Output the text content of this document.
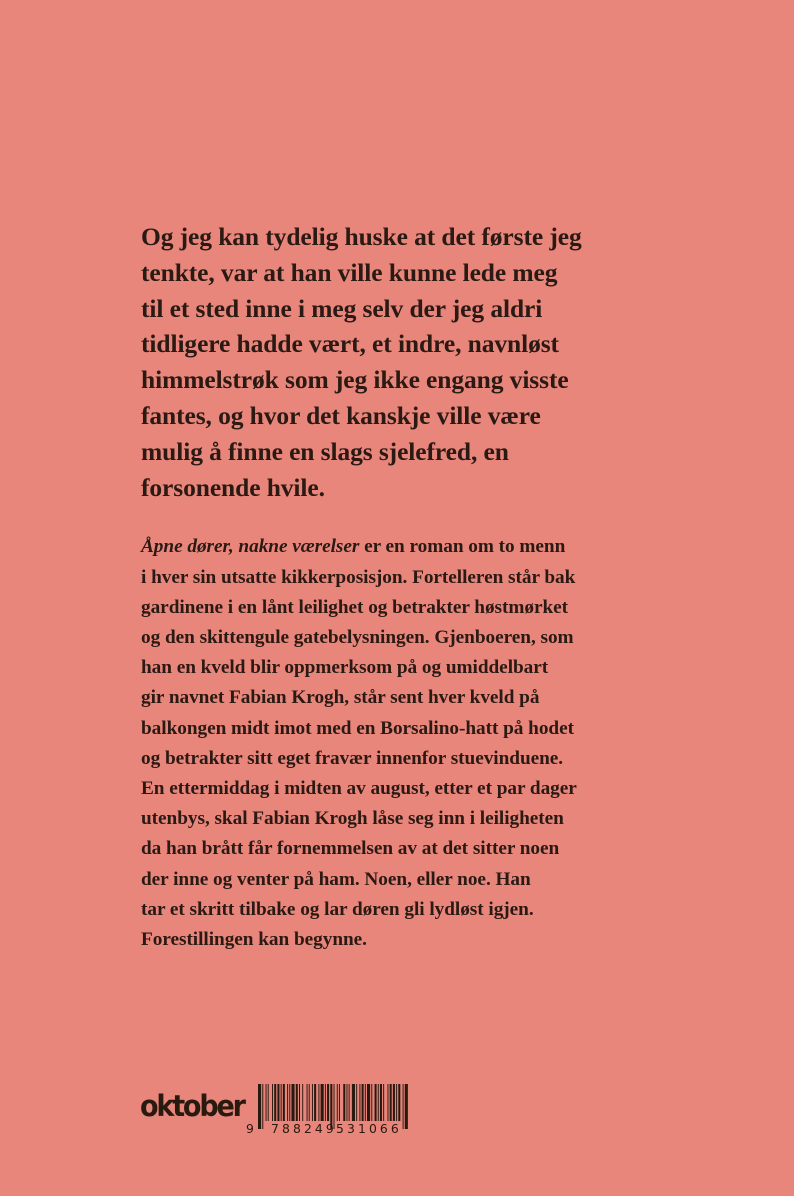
Og jeg kan tydelig huske at det første jeg
tenkte, var at han ville kunne lede meg
til et sted inne i meg selv der jeg aldri
tidligere hadde vært, et indre, navnløst
himmelstrøk som jeg ikke engang visste
fantes, og hvor det kanskje ville være
mulig å finne en slags sjelefred, en
forsonende hvile.
Åpne dører, nakne værelser er en roman om to menn
i hver sin utsatte kikkerposisjon. Fortelleren står bak
gardinene i en lånt leilighet og betrakter høstmørket
og den skittengule gatebelysningen. Gjenboeren, som
han en kveld blir oppmerksom på og umiddelbart
gir navnet Fabian Krogh, står sent hver kveld på
balkongen midt imot med en Borsalino-hatt på hodet
og betrakter sitt eget fravær innenfor stuevinduene.
En ettermiddag i midten av august, etter et par dager
utenbys, skal Fabian Krogh låse seg inn i leiligheten
da han brått får fornemmelsen av at det sitter noen
der inne og venter på ham. Noen, eller noe. Han
tar et skritt tilbake og lar døren gli lydløst igjen.
Forestillingen kan begynne.
oktober
9 788249 531066
